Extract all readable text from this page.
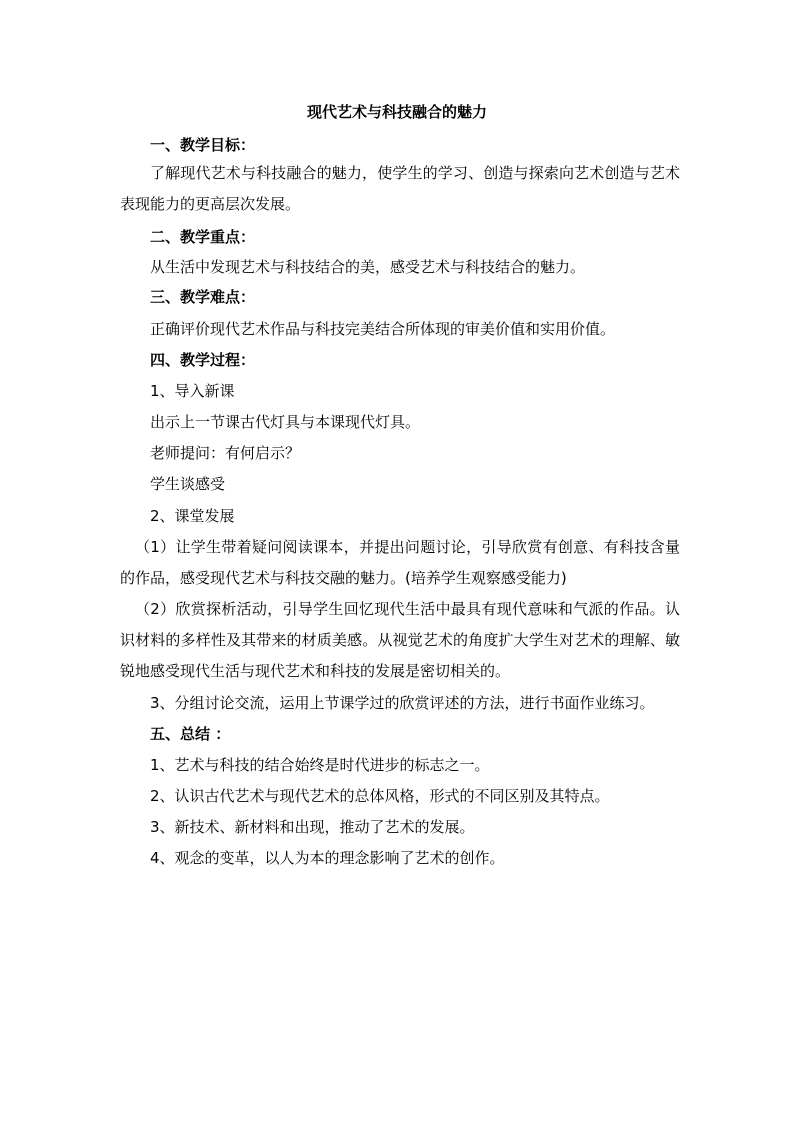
现代艺术与科技融合的魅力

一、教学目标：

了解现代艺术与科技融合的魅力，使学生的学习、创造与探索向艺术创造与艺术表现能力的更高层次发展。

二、教学重点：

从生活中发现艺术与科技结合的美，感受艺术与科技结合的魅力。

三、教学难点：

正确评价现代艺术作品与科技完美结合所体现的审美价值和实用价值。

四、教学过程：

1、导入新课

出示上一节课古代灯具与本课现代灯具。

老师提问：有何启示？

学生谈感受

2、课堂发展

（1）让学生带着疑问阅读课本，并提出问题讨论，引导欣赏有创意、有科技含量的作品，感受现代艺术与科技交融的魅力。(培养学生观察感受能力)

（2）欣赏探析活动，引导学生回忆现代生活中最具有现代意味和气派的作品。认识材料的多样性及其带来的材质美感。从视觉艺术的角度扩大学生对艺术的理解、敏锐地感受现代生活与现代艺术和科技的发展是密切相关的。

3、分组讨论交流，运用上节课学过的欣赏评述的方法，进行书面作业练习。

五、总结 ：

1、艺术与科技的结合始终是时代进步的标志之一。

2、认识古代艺术与现代艺术的总体风格，形式的不同区别及其特点。

3、新技术、新材料和出现，推动了艺术的发展。

4、观念的变革，以人为本的理念影响了艺术的创作。
